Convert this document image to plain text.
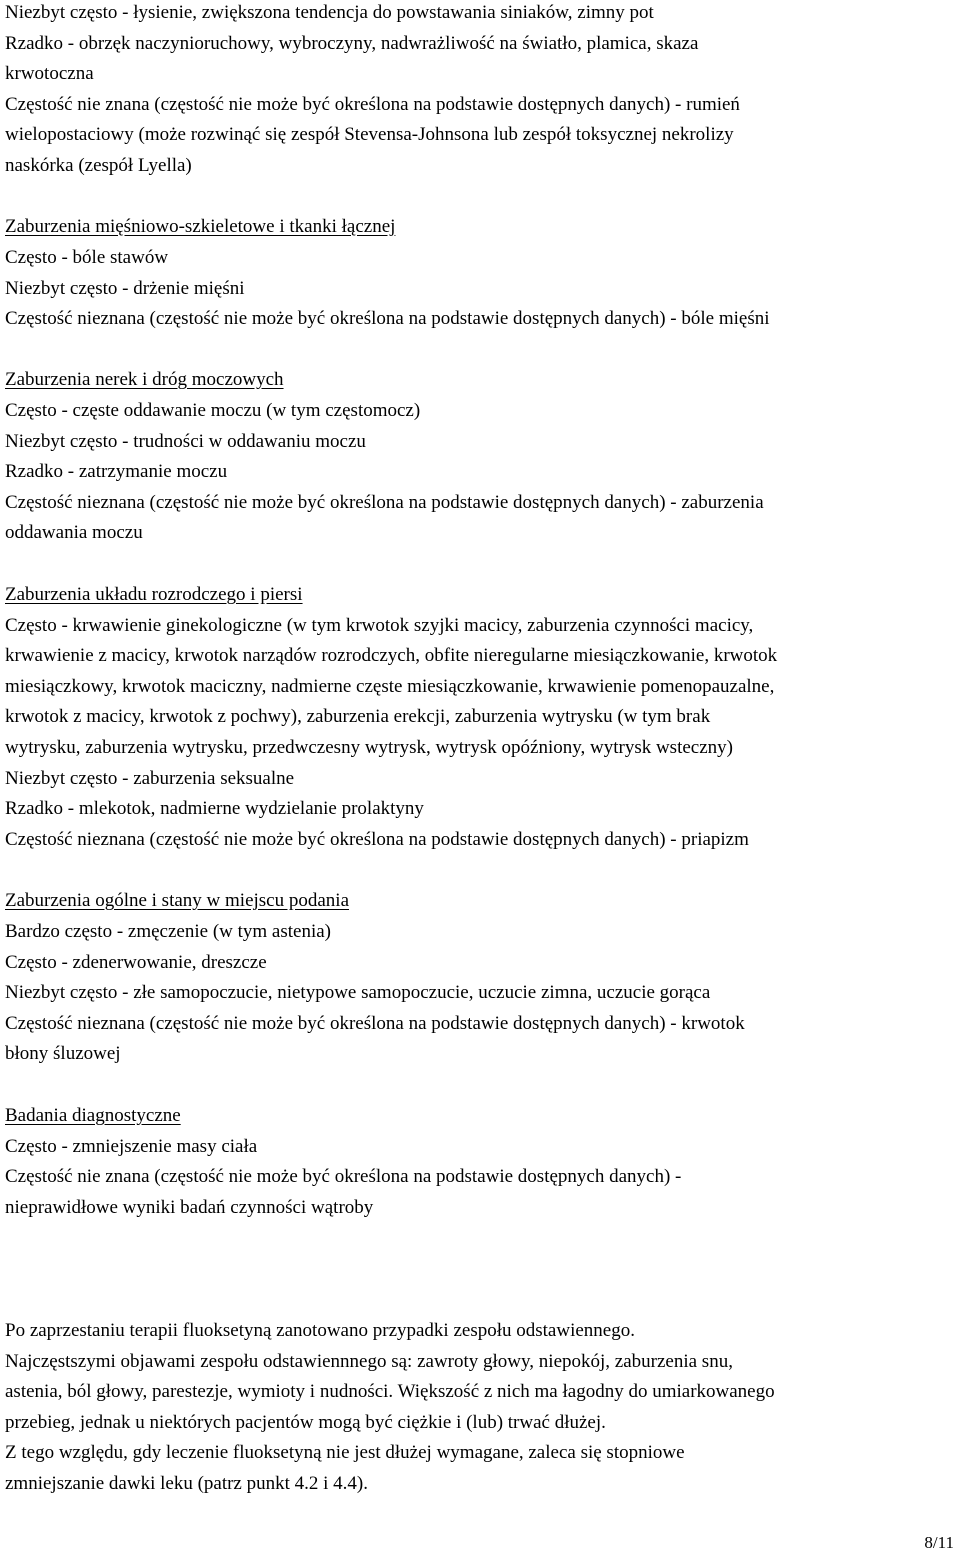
Niezbyt często - łysienie, zwiększona tendencja do powstawania siniaków, zimny pot
Rzadko - obrzęk naczynioruchowy, wybroczyny, nadwrażliwość na światło, plamica, skaza
krwotoczna
Częstość nie znana (częstość nie może być określona na podstawie dostępnych danych) - rumień
wielopostaciowy (może rozwinąć się zespół Stevensa-Johnsona lub zespół toksycznej nekrolizy
naskórka (zespół Lyella)
Zaburzenia mięśniowo-szkieletowe i tkanki łącznej
Często - bóle stawów
Niezbyt często - drżenie mięśni
Częstość nieznana (częstość nie może być określona na podstawie dostępnych danych) - bóle mięśni
Zaburzenia nerek i dróg moczowych
Często - częste oddawanie moczu (w tym częstomocz)
Niezbyt często - trudności w oddawaniu moczu
Rzadko - zatrzymanie moczu
Częstość nieznana (częstość nie może być określona na podstawie dostępnych danych) - zaburzenia
oddawania moczu
Zaburzenia układu rozrodczego i piersi
Często - krwawienie ginekologiczne (w tym krwotok szyjki macicy, zaburzenia czynności macicy,
krwawienie z macicy, krwotok narządów rozrodczych, obfite nieregularne miesiączkowanie, krwotok
miesiączkowy, krwotok maciczny, nadmierne częste miesiączkowanie, krwawienie pomenopauzalne,
krwotok z macicy, krwotok z pochwy), zaburzenia erekcji, zaburzenia wytrysku (w tym brak
wytrysku, zaburzenia wytrysku, przedwczesny wytrysk, wytrysk opóźniony, wytrysk wsteczny)
Niezbyt często - zaburzenia seksualne
Rzadko - mlekotok, nadmierne wydzielanie prolaktyny
Częstość nieznana (częstość nie może być określona na podstawie dostępnych danych) - priapizm
Zaburzenia ogólne i stany w miejscu podania
Bardzo często - zmęczenie (w tym astenia)
Często - zdenerwowanie, dreszcze
Niezbyt często - złe samopoczucie, nietypowe samopoczucie, uczucie zimna, uczucie gorąca
Częstość nieznana (częstość nie może być określona na podstawie dostępnych danych) - krwotok
błony śluzowej
Badania diagnostyczne
Często - zmniejszenie masy ciała
Częstość nie znana (częstość nie może być określona na podstawie dostępnych danych) -
nieprawidłowe wyniki badań czynności wątroby
Po zaprzestaniu terapii fluoksetyną zanotowano przypadki zespołu odstawiennego.
Najczęstszymi objawami zespołu odstawiennnego są: zawroty głowy, niepokój, zaburzenia snu,
astenia, ból głowy, parestezje, wymioty i nudności. Większość z nich ma łagodny do umiarkowanego
przebieg, jednak u niektórych pacjentów mogą być ciężkie i (lub) trwać dłużej.
Z tego względu, gdy leczenie fluoksetyną nie jest dłużej wymagane, zaleca się stopniowe
zmniejszanie dawki leku (patrz punkt 4.2 i 4.4).
8/11
